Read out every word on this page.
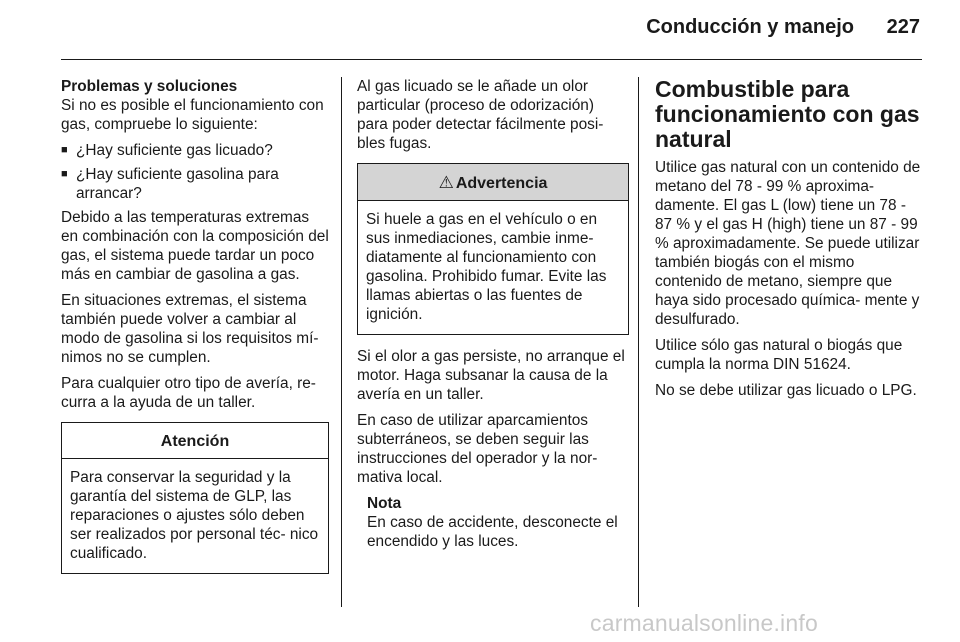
Conducción y manejo 227

Problemas y soluciones

Si no es posible el funcionamiento con gas, compruebe lo siguiente:

■ ¿Hay suficiente gas licuado?
■ ¿Hay suficiente gasolina para arrancar?

Debido a las temperaturas extremas en combinación con la composición del gas, el sistema puede tardar un poco más en cambiar de gasolina a gas.

En situaciones extremas, el sistema también puede volver a cambiar al modo de gasolina si los requisitos mí- nimos no se cumplen.

Para cualquier otro tipo de avería, re- curra a la ayuda de un taller.

Atención
Para conservar la seguridad y la garantía del sistema de GLP, las reparaciones o ajustes sólo deben ser realizados por personal téc- nico cualificado.

Al gas licuado se le añade un olor particular (proceso de odorización) para poder detectar fácilmente posi- bles fugas.

⚠ Advertencia
Si huele a gas en el vehículo o en sus inmediaciones, cambie inme- diatamente al funcionamiento con gasolina. Prohibido fumar. Evite las llamas abiertas o las fuentes de ignición.

Si el olor a gas persiste, no arranque el motor. Haga subsanar la causa de la avería en un taller.

En caso de utilizar aparcamientos subterráneos, se deben seguir las instrucciones del operador y la nor- mativa local.

Nota
En caso de accidente, desconecte el encendido y las luces.
Combustible para funcionamiento con gas natural

Utilice gas natural con un contenido de metano del 78 - 99 % aproxima- damente. El gas L (low) tiene un 78 - 87 % y el gas H (high) tiene un 87 - 99 % aproximadamente. Se puede utilizar también biogás con el mismo contenido de metano, siempre que haya sido procesado química- mente y desulfurado.

Utilice sólo gas natural o biogás que cumpla la norma DIN 51624.

No se debe utilizar gas licuado o LPG.

carmanualsonline.info
